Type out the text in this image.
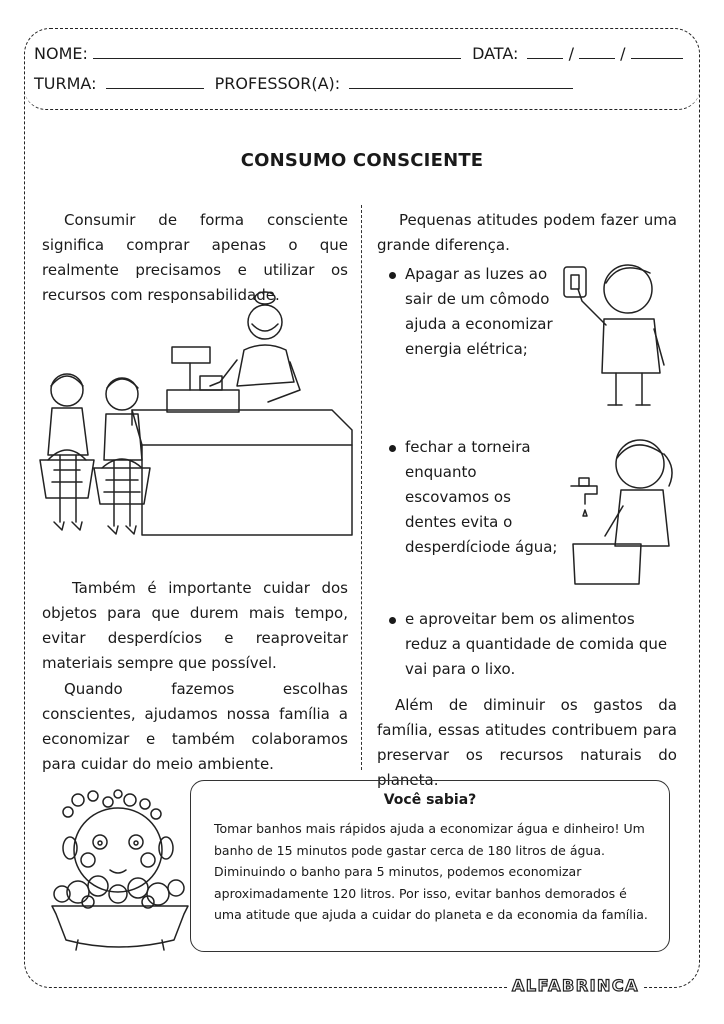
NOME:	DATA:	/	/
TURMA:	PROFESSOR(A):
CONSUMO CONSCIENTE

Consumir de forma consciente significa comprar apenas o que realmente precisamos e utilizar os recursos com responsabilidade.

Também é importante cuidar dos objetos para que durem mais tempo, evitar desperdícios e reaproveitar materiais sempre que possível.

Quando fazemos escolhas conscientes, ajudamos nossa família a economizar e também colaboramos para cuidar do meio ambiente.

Pequenas atitudes podem fazer uma grande diferença.

Apagar as luzes ao sair de um cômodo ajuda a economizar energia elétrica;
fechar a torneira enquanto escovamos os dentes evita o desperdíciode água;
e aproveitar bem os alimentos reduz a quantidade de comida que vai para o lixo.

Além de diminuir os gastos da família, essas atitudes contribuem para preservar os recursos naturais do planeta.

Você sabia?
Tomar banhos mais rápidos ajuda a economizar água e dinheiro! Um banho de 15 minutos pode gastar cerca de 180 litros de água. Diminuindo o banho para 5 minutos, podemos economizar aproximadamente 120 litros. Por isso, evitar banhos demorados é uma atitude que ajuda a cuidar do planeta e da economia da família.
ALFABRINCA
